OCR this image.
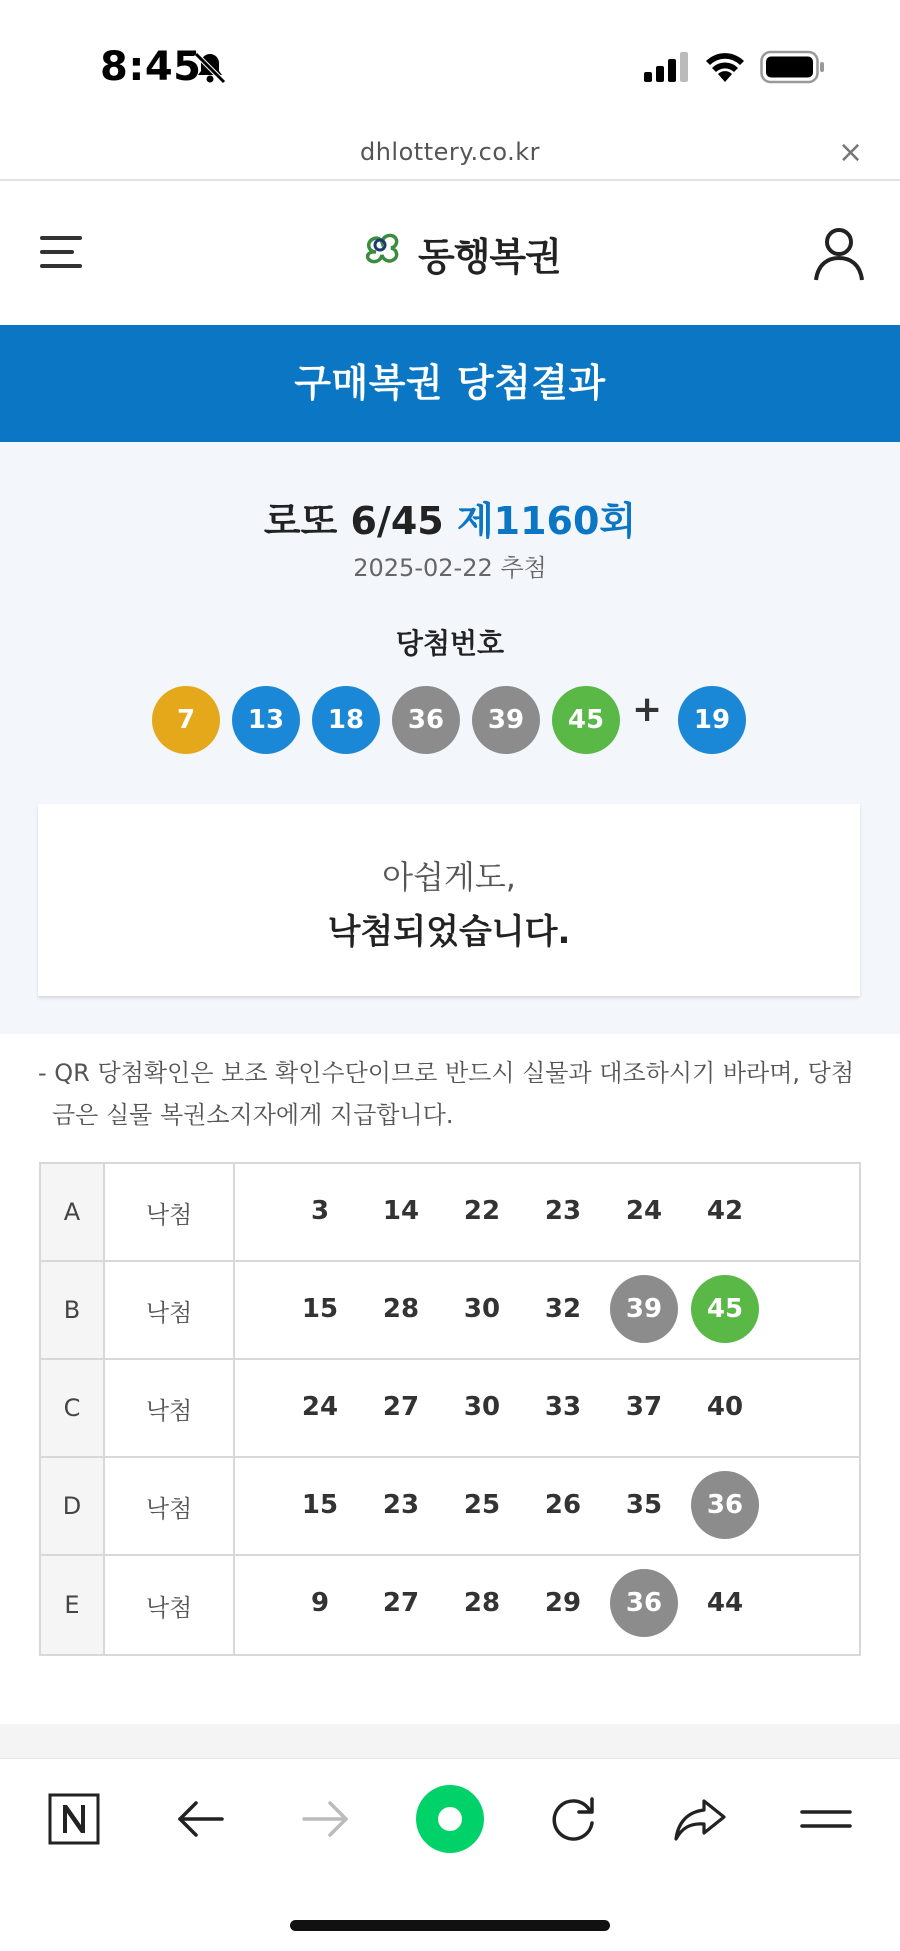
8:45
dhlottery.co.kr	×
동행복권
구매복권 당첨결과
로또 6/45 제1160회
2025-02-22 추첨
당첨번호
7	13	18	36	39	45 +	19
아쉽게도,
낙첨되었습니다.
- QR 당첨확인은 보조 확인수단이므로 반드시 실물과 대조하시기 바라며, 당첨금은 실물 복권소지자에게 지급합니다.
A	낙첨	3	14	22	23	24	42
B	낙첨	15	28	30	32	39	45
C	낙첨	24	27	30	33	37	40
D	낙첨	15	23	25	26	35	36
E	낙첨	9	27	28	29	36	44
